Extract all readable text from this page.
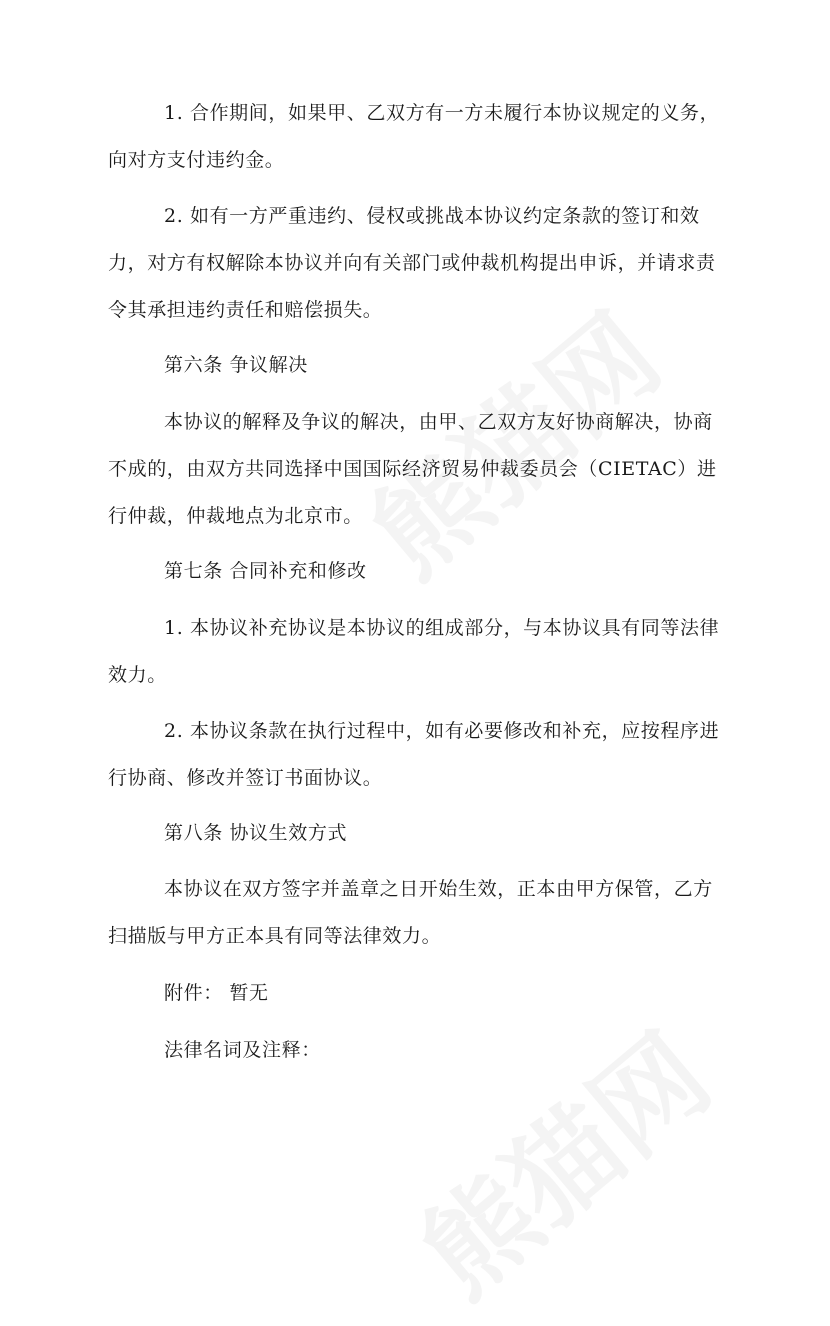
1. 合作期间，如果甲、乙双方有一方未履行本协议规定的义务，向对方支付违约金。

2. 如有一方严重违约、侵权或挑战本协议约定条款的签订和效力，对方有权解除本协议并向有关部门或仲裁机构提出申诉，并请求责令其承担违约责任和赔偿损失。

第六条 争议解决

本协议的解释及争议的解决，由甲、乙双方友好协商解决，协商不成的，由双方共同选择中国国际经济贸易仲裁委员会（CIETAC）进行仲裁，仲裁地点为北京市。

第七条 合同补充和修改

1. 本协议补充协议是本协议的组成部分，与本协议具有同等法律效力。

2. 本协议条款在执行过程中，如有必要修改和补充，应按程序进行协商、修改并签订书面协议。

第八条 协议生效方式

本协议在双方签字并盖章之日开始生效，正本由甲方保管，乙方扫描版与甲方正本具有同等法律效力。

附件： 暂无

法律名词及注释：
